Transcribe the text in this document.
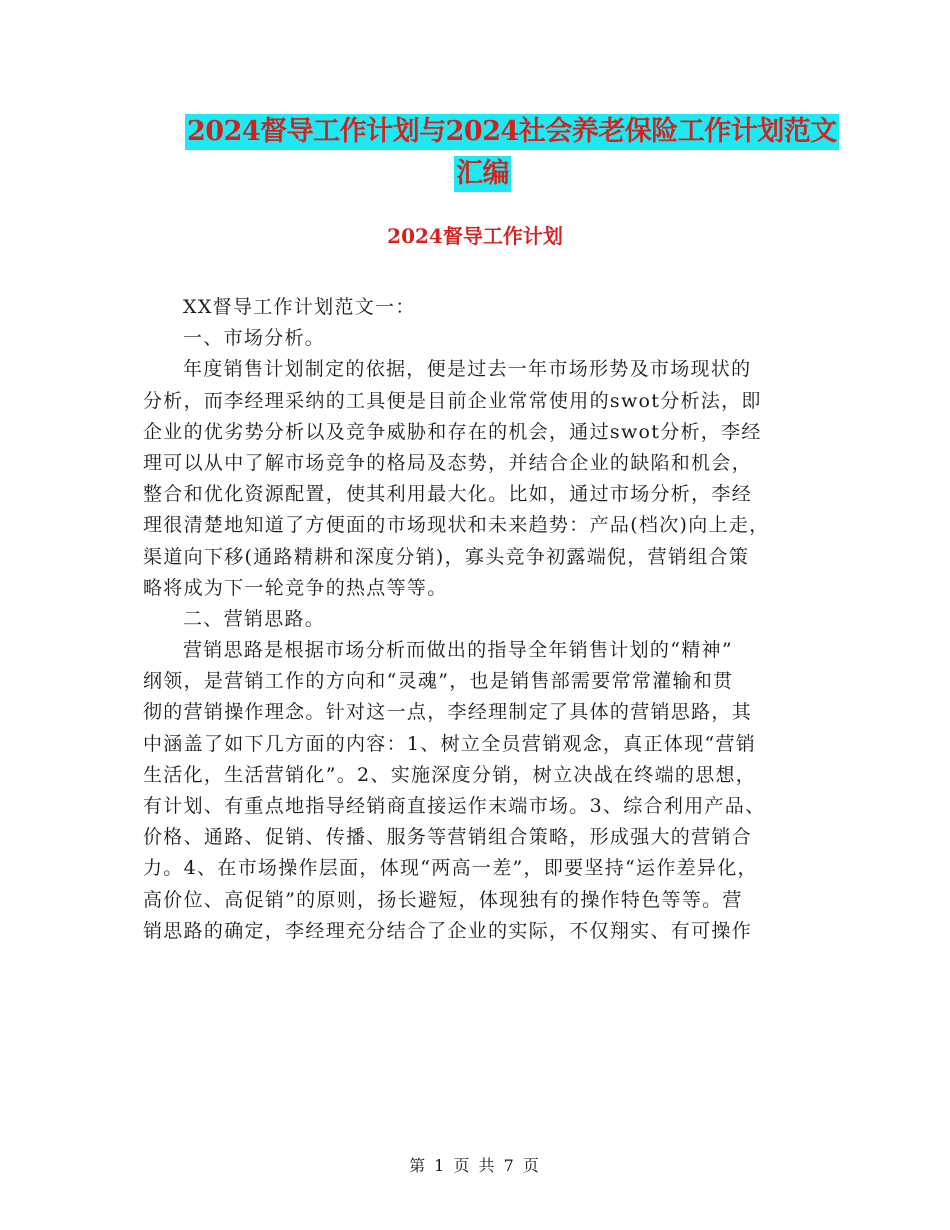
2024督导工作计划与2024社会养老保险工作计划范文
汇编
2024督导工作计划
XX督导工作计划范文一：
一、市场分析。
年度销售计划制定的依据，便是过去一年市场形势及市场现状的
分析，而李经理采纳的工具便是目前企业常常使用的swot分析法，即
企业的优劣势分析以及竞争威胁和存在的机会，通过swot分析，李经
理可以从中了解市场竞争的格局及态势，并结合企业的缺陷和机会，
整合和优化资源配置，使其利用最大化。比如，通过市场分析，李经
理很清楚地知道了方便面的市场现状和未来趋势：产品(档次)向上走，
渠道向下移(通路精耕和深度分销)，寡头竞争初露端倪，营销组合策
略将成为下一轮竞争的热点等等。
二、营销思路。
营销思路是根据市场分析而做出的指导全年销售计划的“精神”
纲领，是营销工作的方向和“灵魂”，也是销售部需要常常灌输和贯
彻的营销操作理念。针对这一点，李经理制定了具体的营销思路，其
中涵盖了如下几方面的内容：1、树立全员营销观念，真正体现“营销
生活化，生活营销化”。2、实施深度分销，树立决战在终端的思想，
有计划、有重点地指导经销商直接运作末端市场。3、综合利用产品、
价格、通路、促销、传播、服务等营销组合策略，形成强大的营销合
力。4、在市场操作层面，体现“两高一差”，即要坚持“运作差异化，
高价位、高促销”的原则，扬长避短，体现独有的操作特色等等。营
销思路的确定，李经理充分结合了企业的实际，不仅翔实、有可操作
第 1 页 共 7 页
